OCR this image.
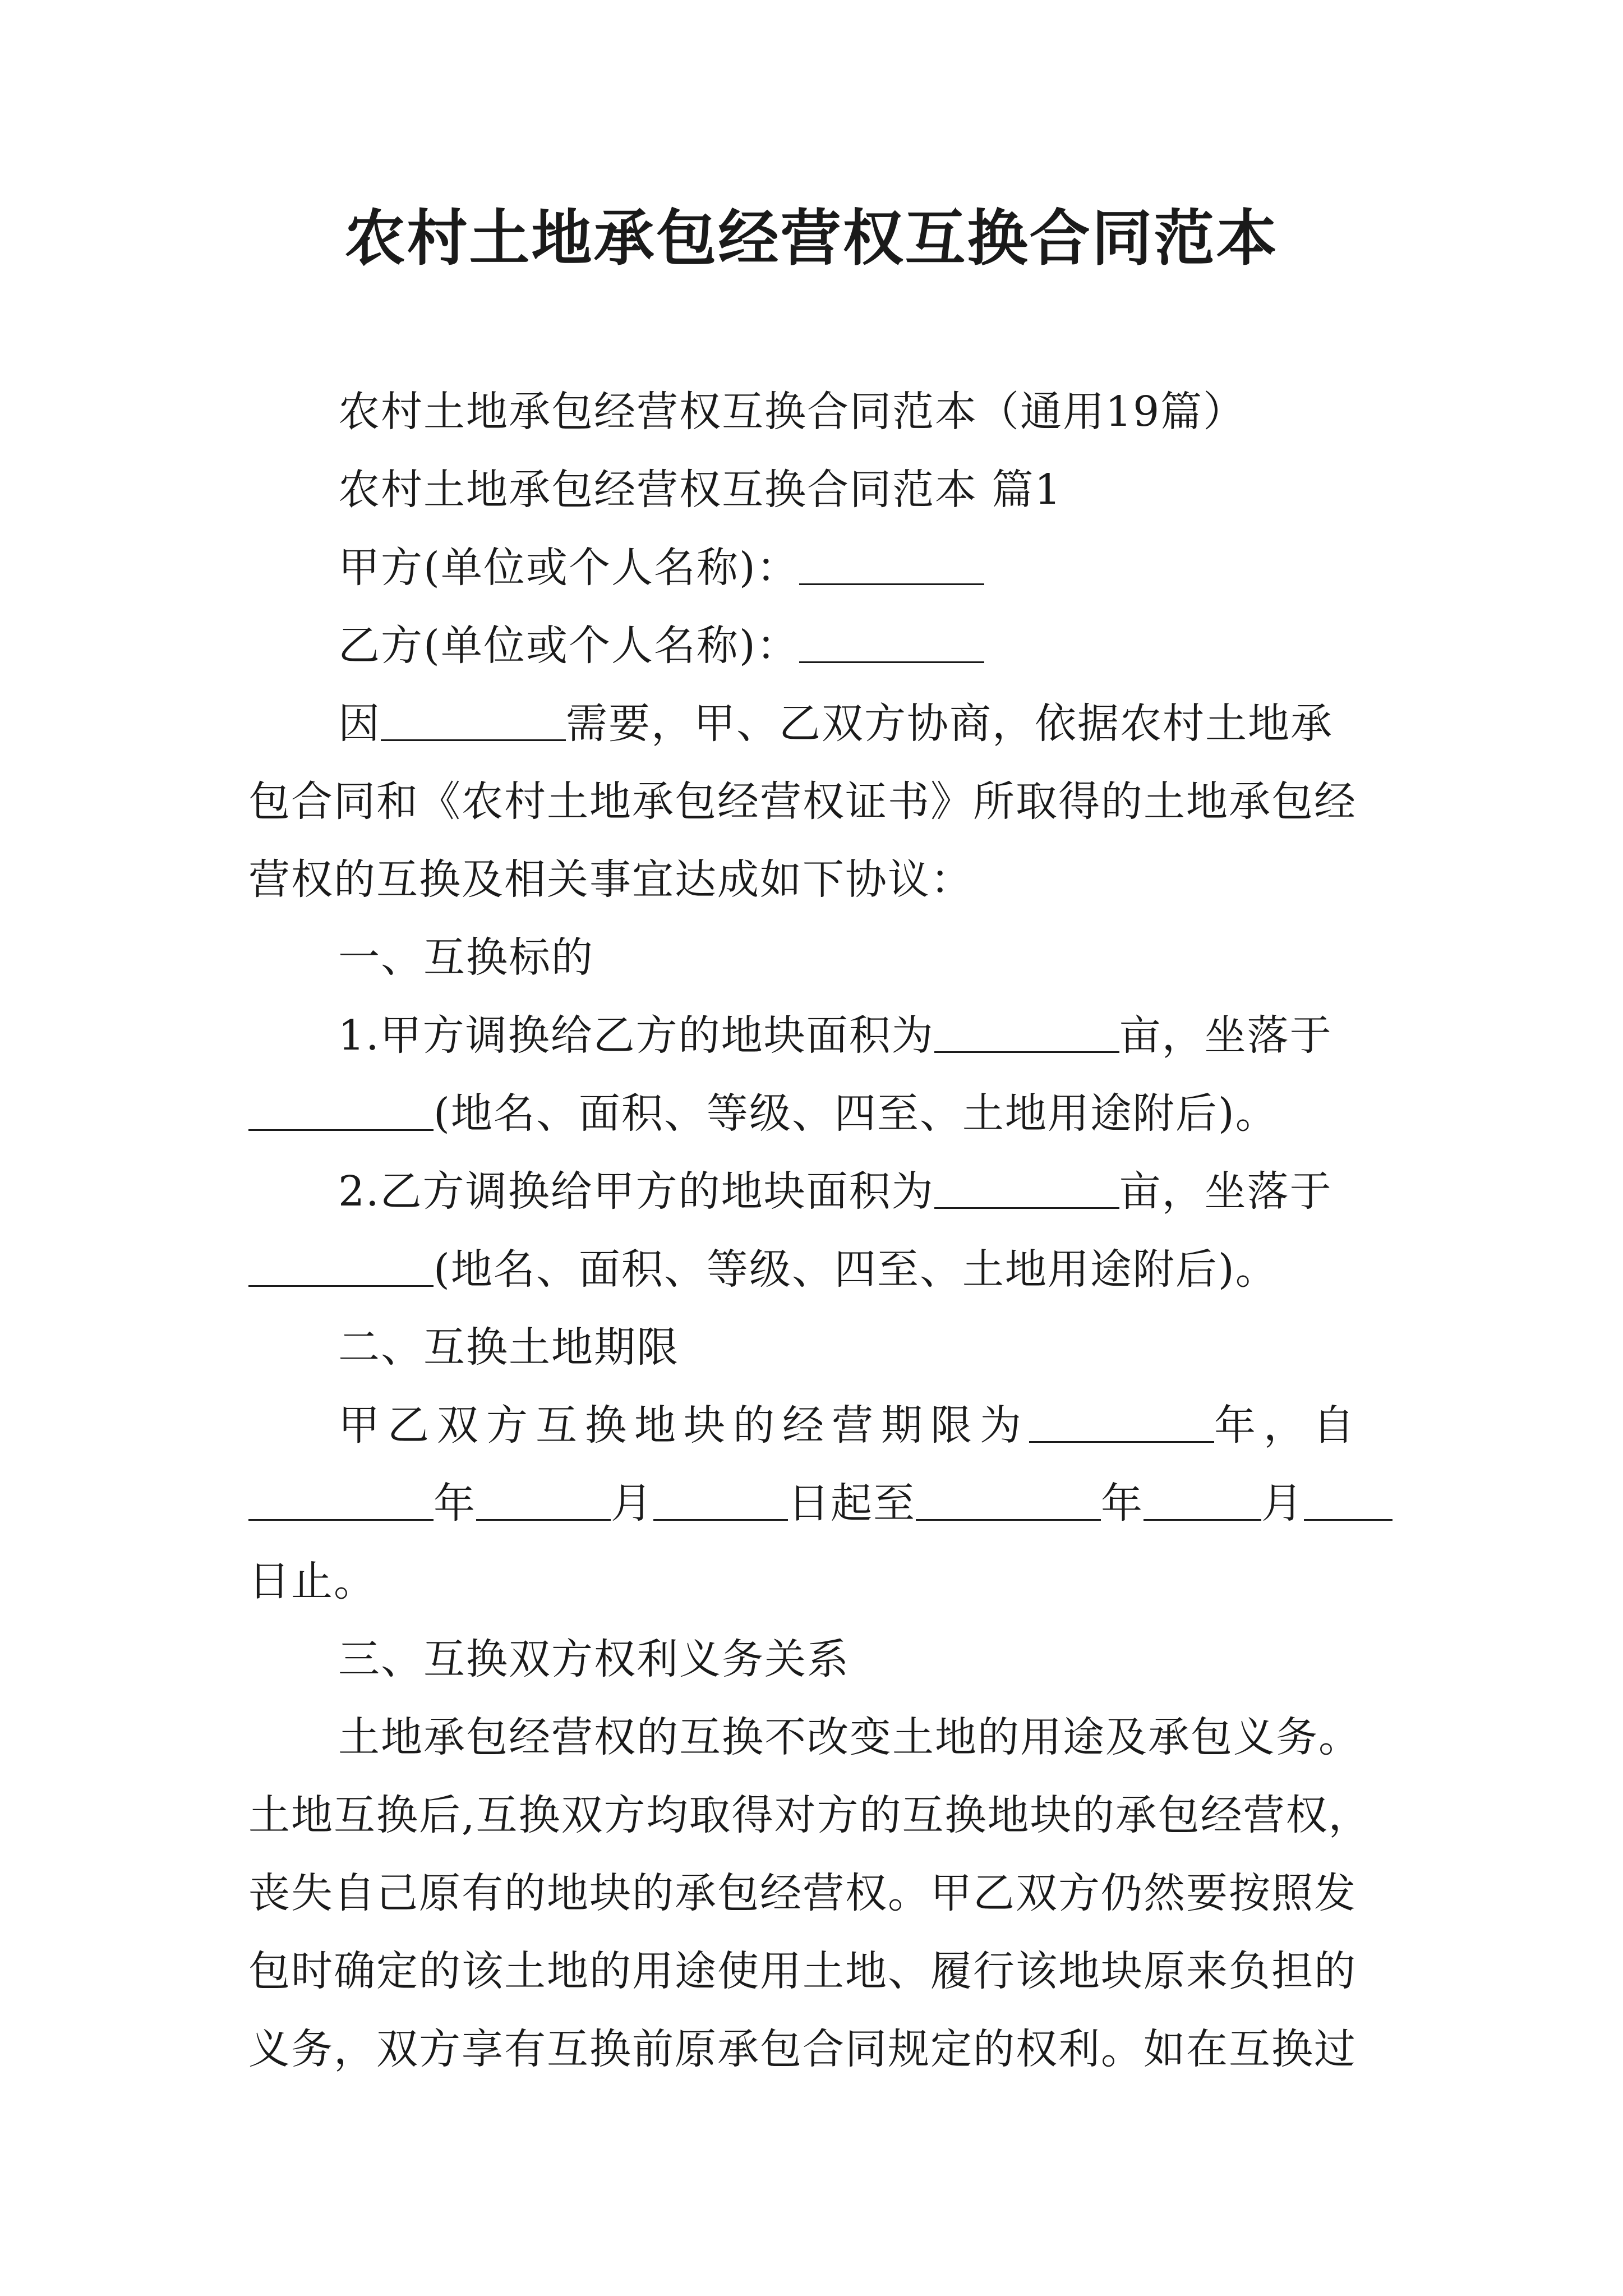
农村土地承包经营权互换合同范本

农村土地承包经营权互换合同范本（通用19篇）

农村土地承包经营权互换合同范本 篇1

甲方(单位或个人名称)：

乙方(单位或个人名称)：

因	需要，甲、乙双方协商，依据农村土地承

包合同和《农村土地承包经营权证书》所取得的土地承包经

营权的互换及相关事宜达成如下协议：

一、互换标的

1.甲方调换给乙方的地块面积为	亩，坐落于

(地名、面积、等级、四至、土地用途附后)。

2.乙方调换给甲方的地块面积为	亩，坐落于

(地名、面积、等级、四至、土地用途附后)。

二、互换土地期限

甲乙双方互换地块的经营期限为	年，自

年	月	日起至	年	月

日止。

三、互换双方权利义务关系

土地承包经营权的互换不改变土地的用途及承包义务。

土地互换后,互换双方均取得对方的互换地块的承包经营权，

丧失自己原有的地块的承包经营权。甲乙双方仍然要按照发

包时确定的该土地的用途使用土地、履行该地块原来负担的

义务，双方享有互换前原承包合同规定的权利。如在互换过
